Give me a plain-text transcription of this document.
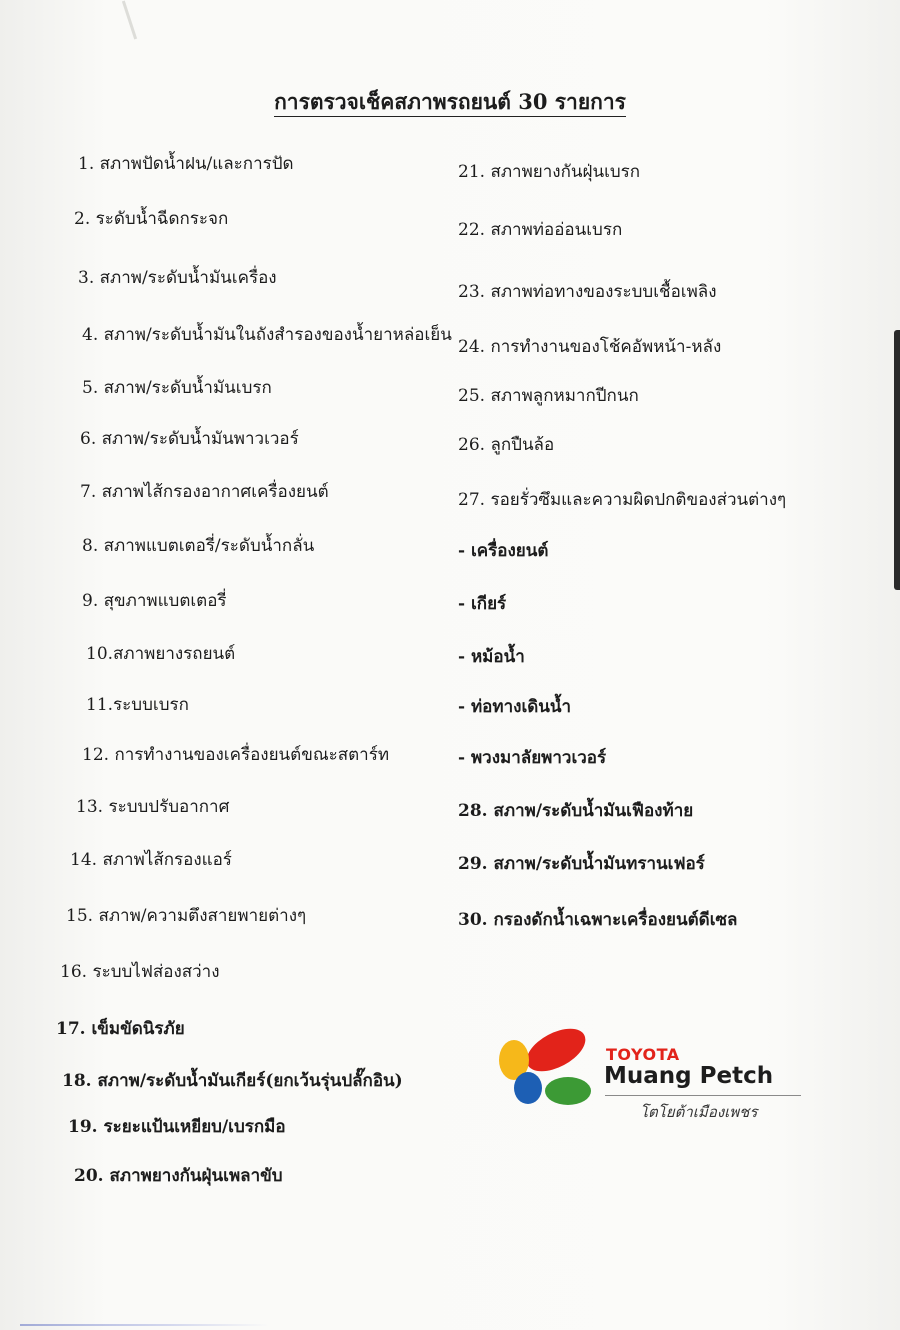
การตรวจเช็คสภาพรถยนต์ 30 รายการ
1. สภาพปัดน้ำฝน/และการปัด
2. ระดับน้ำฉีดกระจก
3. สภาพ/ระดับน้ำมันเครื่อง
4. สภาพ/ระดับน้ำมันในถังสำรองของน้ำยาหล่อเย็น
5. สภาพ/ระดับน้ำมันเบรก
6. สภาพ/ระดับน้ำมันพาวเวอร์
7. สภาพไส้กรองอากาศเครื่องยนต์
8. สภาพแบตเตอรี่/ระดับน้ำกลั่น
9. สุขภาพแบตเตอรี่
10.สภาพยางรถยนต์
11.ระบบเบรก
12. การทำงานของเครื่องยนต์ขณะสตาร์ท
13. ระบบปรับอากาศ
14. สภาพไส้กรองแอร์
15. สภาพ/ความตึงสายพายต่างๆ
16. ระบบไฟส่องสว่าง
17. เข็มขัดนิรภัย
18. สภาพ/ระดับน้ำมันเกียร์(ยกเว้นรุ่นปลั๊กอิน)
19. ระยะแป้นเหยียบ/เบรกมือ
20. สภาพยางกันฝุ่นเพลาขับ
21. สภาพยางกันฝุ่นเบรก
22. สภาพท่ออ่อนเบรก
23. สภาพท่อทางของระบบเชื้อเพลิง
24. การทำงานของโช้คอัพหน้า-หลัง
25. สภาพลูกหมากปีกนก
26. ลูกปืนล้อ
27. รอยรั่วซึมและความผิดปกติของส่วนต่างๆ
- เครื่องยนต์
- เกียร์
- หม้อน้ำ
- ท่อทางเดินน้ำ
- พวงมาลัยพาวเวอร์
28. สภาพ/ระดับน้ำมันเฟืองท้าย
29. สภาพ/ระดับน้ำมันทรานเฟอร์
30. กรองดักน้ำเฉพาะเครื่องยนต์ดีเซล
TOYOTA
Muang Petch
โตโยต้าเมืองเพชร
